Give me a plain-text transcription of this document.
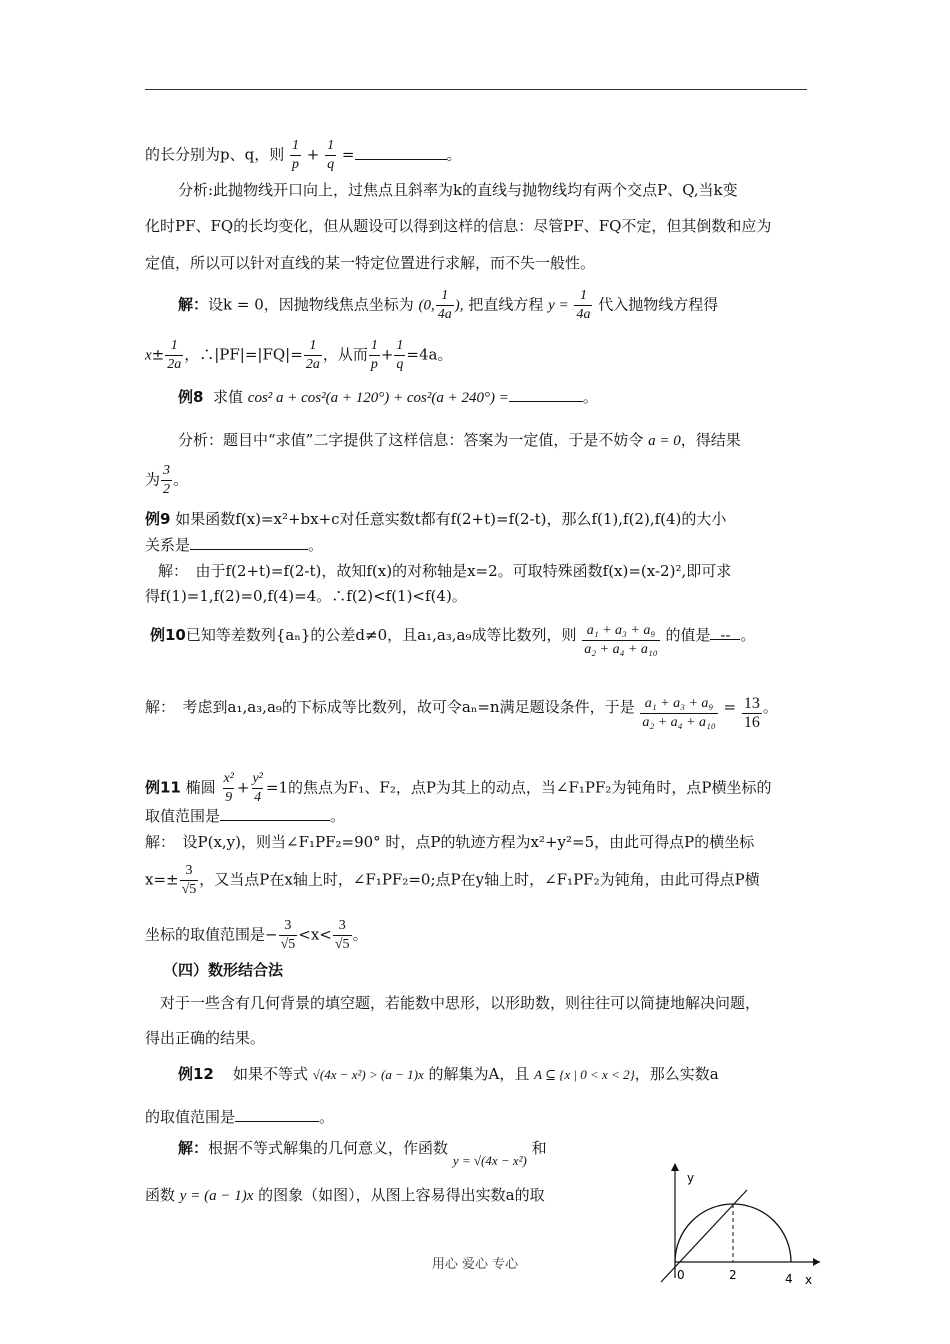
的长分别为p、q，则 $\frac{1}{p} + \frac{1}{q}$ =	。
分析:此抛物线开口向上，过焦点且斜率为k的直线与抛物线均有两个交点P、Q,当k变
化时PF、FQ的长均变化，但从题设可以得到这样的信息：尽管PF、FQ不定，但其倒数和应为
定值，所以可以针对直线的某一特定位置进行求解，而不失一般性。
解：设k = 0，因抛物线焦点坐标为 (0, $\frac{1}{4a}$ ), 把直线方程 $y = \frac{1}{4a}$ 代入抛物线方程得
$x\pm \frac{1}{2a}$ ，∴|PF|=|FQ|= $\frac{1}{2a}$ ，从而 $\frac{1}{p} + \frac{1}{q} =4a$。
例8 求值 cos² a + cos²(a + 120°) + cos²(a + 240°) =	。
分析：题目中“求值”二字提供了这样信息：答案为一定值，于是不妨令 a = 0，得结果
为 $\frac{3}{2}$ 。
例9 如果函数f(x)=x²+bx+c对任意实数t都有f(2+t)=f(2-t)，那么f(1),f(2),f(4)的大小
关系是	。
解：　由于f(2+t)=f(2-t)，故知f(x)的对称轴是x=2。可取特殊函数f(x)=(x-2)²,即可求
得f(1)=1,f(2)=0,f(4)=4。∴f(2)<f(1)<f(4)。
例10已知等差数列{aₙ}的公差d≠0，且a₁,a₃,a₉成等比数列，则 $\frac{\text{a₁ + a₃ + a₉}}{\text{a₂ + a₄ + a₁₀}}$ 的值是 -- 。
解：　考虑到a₁,a₃,a₉的下标成等比数列，故可令aₙ=n满足题设条件，于是 $\frac{\text{a₁ + a₃ + a₉}}{\text{a₂ + a₄ + a₁₀}} = \frac{13}{16}$ 。
例11 椭圆 $\frac{\text{x²}}{9} + \frac{\text{y²}}{4} =1$的焦点为F₁、F₂，点P为其上的动点，当∠F₁PF₂为钝角时，点P横坐标的
取值范围是	。
解：　设P(x,y)，则当∠F₁PF₂=90° 时，点P的轨迹方程为x²+y²=5，由此可得点P的横坐标
$x=\pm \frac{3}{√5}$ ，又当点P在x轴上时，∠F₁PF₂=0;点P在y轴上时，∠F₁PF₂为钝角，由此可得点P横
坐标的取值范围是− $\frac{3}{√5} <x< \frac{3}{√5}$ 。
（四）数形结合法
对于一些含有几何背景的填空题，若能数中思形，以形助数，则往往可以简捷地解决问题，
得出正确的结果。
例12 如果不等式 √(4x − x²) > (a − 1)x 的解集为A，且 A ⊆ {x | 0 < x < 2}，那么实数a
的取值范围是	。
解：根据不等式解集的几何意义，作函数 y = √(4x − x²) 和
函数 y = (a − 1)x 的图象（如图），从图上容易得出实数a的取
y
x
0	2	4
用心 爱心 专心
